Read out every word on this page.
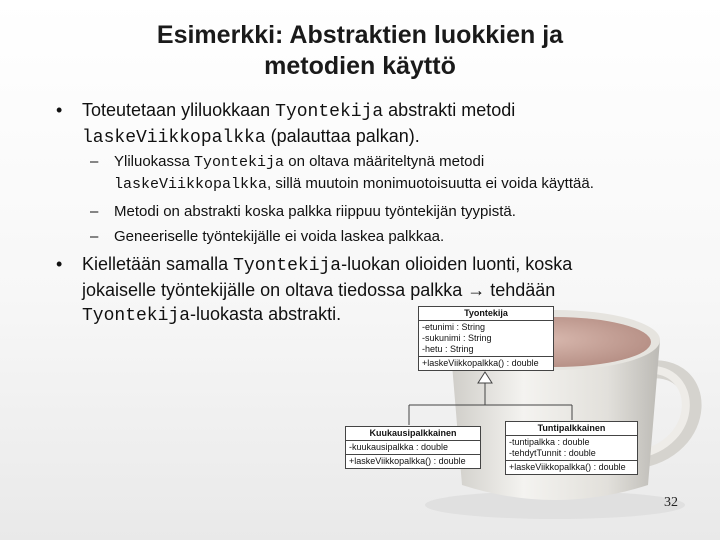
Esimerkki: Abstraktien luokkien ja
metodien käyttö
• Toteutetaan yliluokkaan Tyontekija abstrakti metodi
laskeViikkopalkka (palauttaa palkan).
– Yliluokassa Tyontekija on oltava määriteltynä metodi
laskeViikkopalkka, sillä muutoin monimuotoisuutta ei voida käyttää.
– Metodi on abstrakti koska palkka riippuu työntekijän tyypistä.
– Geneeriselle työntekijälle ei voida laskea palkkaa.
• Kielletään samalla Tyontekija-luokan olioiden luonti, koska
jokaiselle työntekijälle on oltava tiedossa palkka → tehdään
Tyontekija-luokasta abstrakti.	Tyontekija
-etunimi : String
-sukunimi : String
-hetu : String
+laskeViikkopalkka() : double
Kuukausipalkkainen
-kuukausipalkka : double
+laskeViikkopalkka() : double
Tuntipalkkainen
-tuntipalkka : double
-tehdytTunnit : double
+laskeViikkopalkka() : double
32
